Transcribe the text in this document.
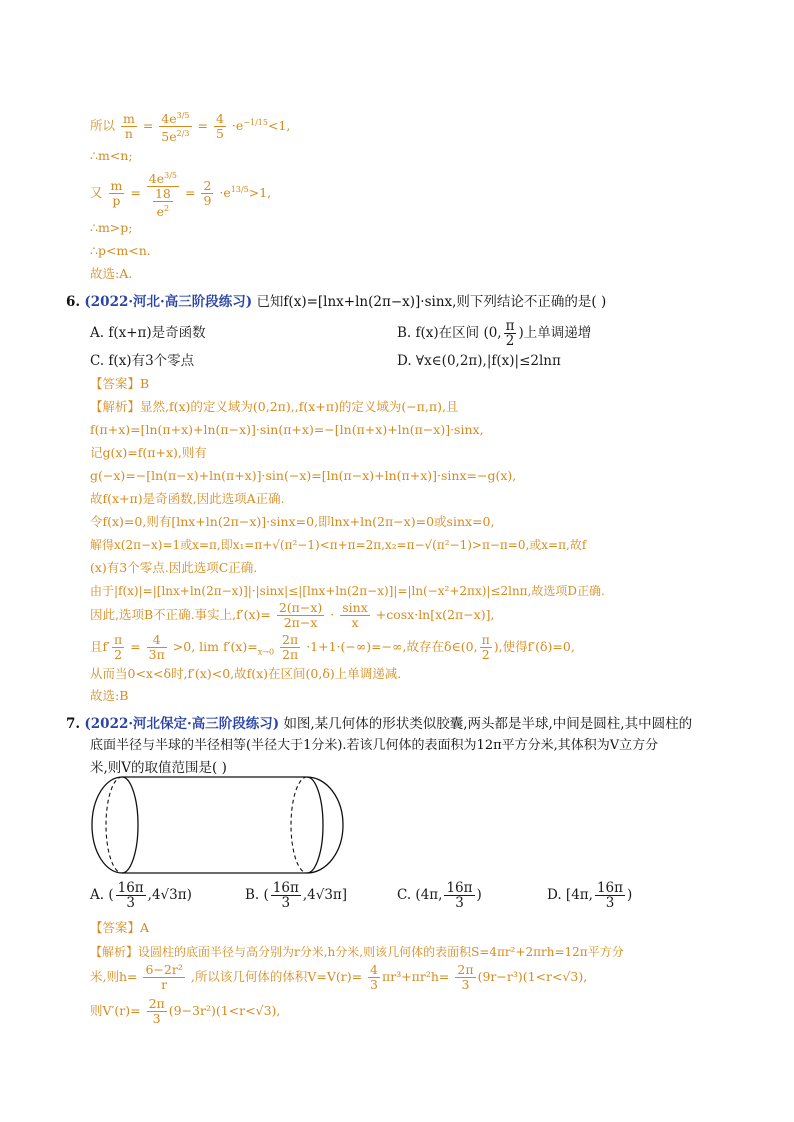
所以 $\frac{m}{n} = \frac{4e^{3/5}}{5e^{2/3}} = \frac{4}{5} \cdot e^{-1/15}<1$,
∴m<n;
又 $\frac{m}{p} = \frac{4e^{3/5}}{\frac{18}{e^2}} = \frac{2}{9} \cdot e^{13/5}>1$,
∴m>p;
∴p<m<n.
故选:A.
6. (2022·河北·高三阶段练习) 已知f(x)=[lnx+ln(2π−x)]·sinx,则下列结论不正确的是( )
A. f(x+π)是奇函数	B. f(x)在区间 (0, $\frac{\pi}{2}$ )上单调递增
C. f(x)有3个零点	D. ∀x∈(0,2π),|f(x)|≤2lnπ
【答案】B
【解析】显然,f(x)的定义域为(0,2π),,f(x+π)的定义域为(−π,π),且
f(π+x)=[ln(π+x)+ln(π−x)]·sin(π+x)=−[ln(π+x)+ln(π−x)]·sinx,
记g(x)=f(π+x),则有
g(−x)=−[ln(π−x)+ln(π+x)]·sin(−x)=[ln(π−x)+ln(π+x)]·sinx=−g(x),
故f(x+π)是奇函数,因此选项A正确.
令f(x)=0,则有[lnx+ln(2π−x)]·sinx=0,即lnx+ln(2π−x)=0或sinx=0,
解得x(2π−x)=1或x=π,即x₁=π+√(π²−1)<π+π=2π,x₂=π−√(π²−1)>π−π=0,或x=π,故f
(x)有3个零点.因此选项C正确.
由于|f(x)|=|[lnx+ln(2π−x)]|·|sinx|≤|[lnx+ln(2π−x)]|=|ln(−x²+2πx)|≤2lnπ,故选项D正确.
因此,选项B不正确.事实上$,f'(x)= \frac{2(\pi-x)}{2\pi-x} \cdot \frac{\sin x}{x} +\cos x\cdot\ln[x(2\pi-x)]$,
且$f' \frac{\pi}{2} = \frac{4}{3\pi} >0$, $\lim f'(x)=_{x\to 0} \frac{2\pi}{2\pi} \cdot 1+1\cdot(-\infty)=-\infty$,故存在δ∈(0, $\frac{\pi}{2}$ ),使得f′(δ)=0,
从而当0<x<δ时,f′(x)<0,故f(x)在区间(0,δ)上单调递减.
故选:B
7. (2022·河北保定·高三阶段练习) 如图,某几何体的形状类似胶囊,两头都是半球,中间是圆柱,其中圆柱的
底面半径与半球的半径相等(半径大于1分米).若该几何体的表面积为12π平方分米,其体积为V立方分
米,则V的取值范围是( )
A. ( $\frac{16\pi}{3} ,4√3\pi$)	B. ( $\frac{16\pi}{3} ,4√3\pi$]	C. (4π, $\frac{16\pi}{3}$ )	D. [4π, $\frac{16\pi}{3}$ )
【答案】A
【解析】设圆柱的底面半径与高分别为r分米,h分米,则该几何体的表面积S=4πr²+2πrh=12π平方分
米,则$h= \frac{\text{6−2r²}}{r}$ ,所以该几何体的体积$V=V(r)= \frac{4}{3} \pi r^3+\pi r^2h= \frac{2\pi}{3} (9r-r^3)(1<r<√3)$,
则$V'(r)= \frac{2\pi}{3} (9-3r^2)(1<r<√3)$,
